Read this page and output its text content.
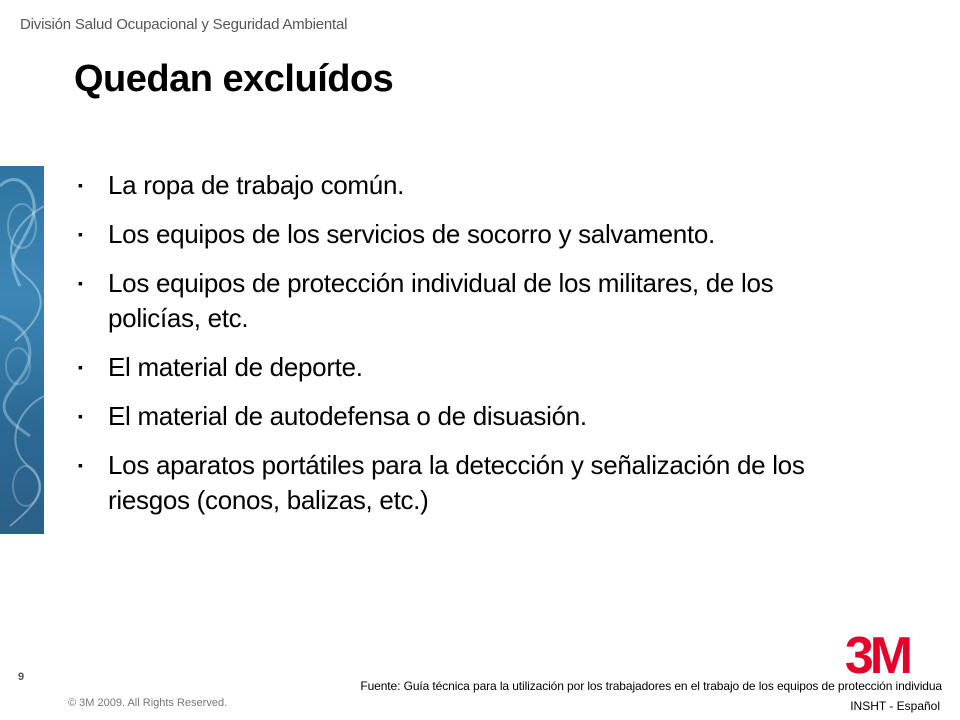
División Salud Ocupacional y Seguridad Ambiental
Quedan excluídos
▪ La ropa de trabajo común.
▪ Los equipos de los servicios de socorro y salvamento.
▪ Los equipos de protección individual de los militares, de los policías, etc.
▪ El material de deporte.
▪ El material de autodefensa o de disuasión.
▪ Los aparatos portátiles para la detección y señalización de los riesgos (conos, balizas, etc.)
9
© 3M 2009. All Rights Reserved.
3M
Fuente: Guía técnica para la utilización por los trabajadores en el trabajo de los equipos de protección individua
INSHT - Español
